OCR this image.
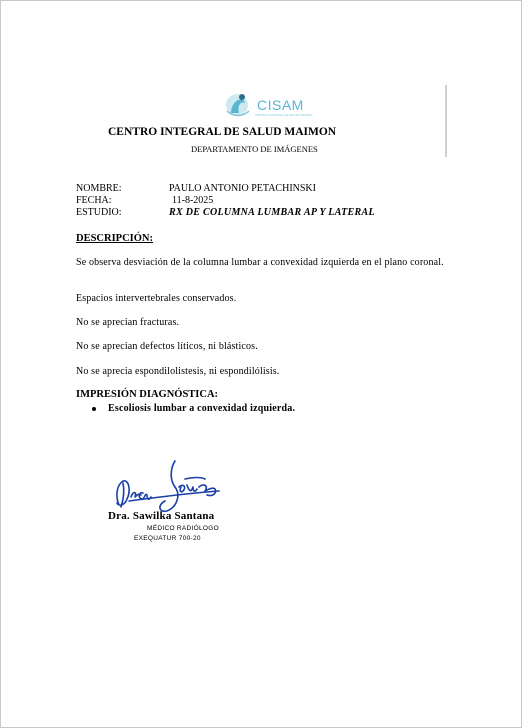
CISAM
CENTRO INTEGRAL DE SALUD MAIMON
CENTRO INTEGRAL DE SALUD MAIMON
DEPARTAMENTO DE IMÁGENES
NOMBRE:	PAULO ANTONIO PETACHINSKI
FECHA:	11-8-2025
ESTUDIO:	RX DE COLUMNA LUMBAR AP Y LATERAL
DESCRIPCIÓN:
Se observa desviación de la columna lumbar a convexidad izquierda en el plano coronal.
Espacios intervertebrales conservados.
No se aprecian fracturas.
No se aprecian defectos líticos, ni blásticos.
No se aprecia espondilolistesis, ni espondilólisis.
IMPRESIÓN DIAGNÓSTICA:
Escoliosis lumbar a convexidad izquierda.
Dra. Sawilka Santana
MÉDICO RADIÓLOGO
EXEQUATUR 700-20
